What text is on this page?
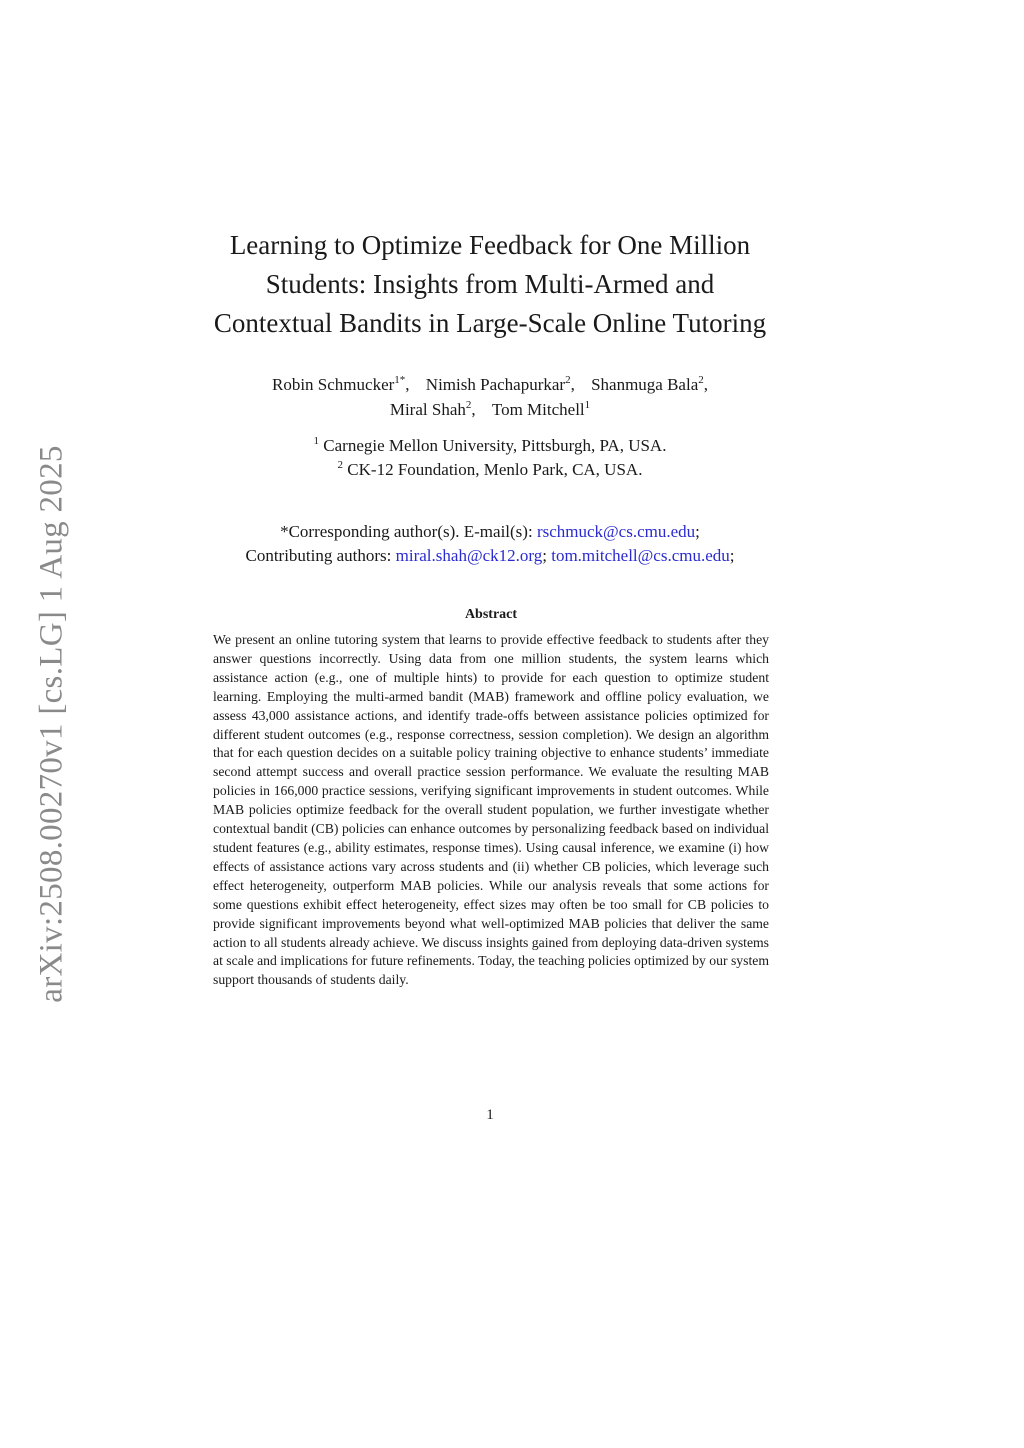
arXiv:2508.00270v1 [cs.LG] 1 Aug 2025
Learning to Optimize Feedback for One Million
Students: Insights from Multi-Armed and
Contextual Bandits in Large-Scale Online Tutoring
Robin Schmucker$^{1*}$, Nimish Pachapurkar$^2$, Shanmuga Bala$^2$,
Miral Shah$^2$, Tom Mitchell$^1$
$^1$ Carnegie Mellon University, Pittsburgh, PA, USA.
$^2$ CK-12 Foundation, Menlo Park, CA, USA.
*Corresponding author(s). E-mail(s): rschmuck@cs.cmu.edu;
Contributing authors: miral.shah@ck12.org; tom.mitchell@cs.cmu.edu;
Abstract

We present an online tutoring system that learns to provide effective feedback to students after they answer questions incorrectly. Using data from one million students, the system learns which assistance action (e.g., one of multiple hints) to provide for each question to optimize student learning. Employing the multi-armed bandit (MAB) framework and offline policy evaluation, we assess 43,000 assistance actions, and identify trade-offs between assistance policies optimized for different student outcomes (e.g., response correctness, session completion). We design an algorithm that for each question decides on a suitable policy training objective to enhance students’ immediate second attempt success and overall practice session performance. We evaluate the resulting MAB policies in 166,000 practice sessions, verifying significant improvements in student outcomes. While MAB policies optimize feedback for the overall student population, we further investigate whether contextual bandit (CB) policies can enhance outcomes by personalizing feedback based on individual student features (e.g., ability estimates, response times). Using causal inference, we examine (i) how effects of assistance actions vary across students and (ii) whether CB policies, which leverage such effect heterogeneity, outperform MAB policies. While our analysis reveals that some actions for some questions exhibit effect heterogeneity, effect sizes may often be too small for CB policies to provide significant improvements beyond what well-optimized MAB policies that deliver the same action to all students already achieve. We discuss insights gained from deploying data-driven systems at scale and implications for future refinements. Today, the teaching policies optimized by our system support thousands of students daily.

1
